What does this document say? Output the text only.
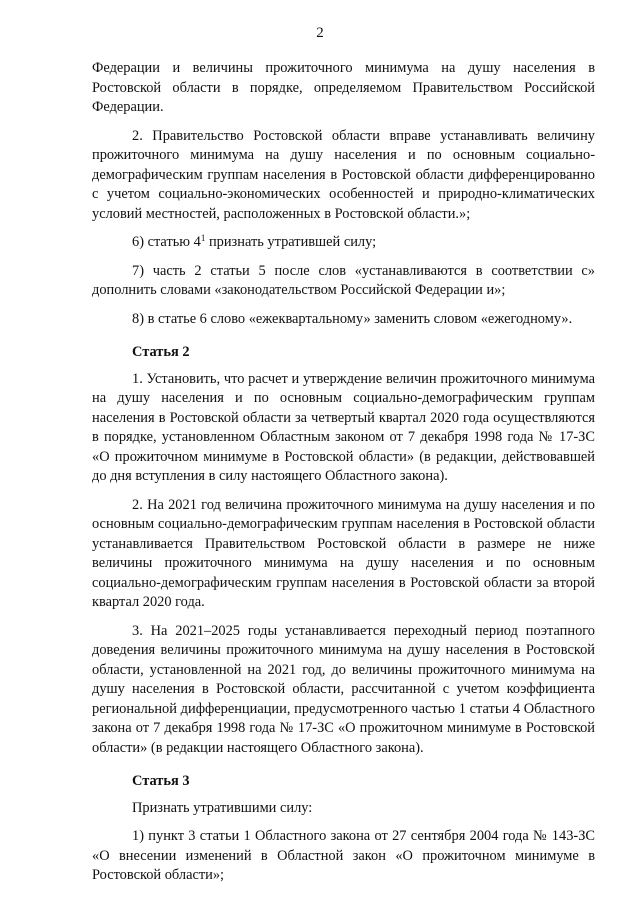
2

Федерации и величины прожиточного минимума на душу населения в Ростовской области в порядке, определяемом Правительством Российской Федерации.

2. Правительство Ростовской области вправе устанавливать величину прожиточного минимума на душу населения и по основным социально-демографическим группам населения в Ростовской области дифференцированно с учетом социально-экономических особенностей и природно-климатических условий местностей, расположенных в Ростовской области.»;

6) статью $4^1$ признать утратившей силу;

7) часть 2 статьи 5 после слов «устанавливаются в соответствии с» дополнить словами «законодательством Российской Федерации и»;

8) в статье 6 слово «ежеквартальному» заменить словом «ежегодному».

Статья 2

1. Установить, что расчет и утверждение величин прожиточного минимума на душу населения и по основным социально-демографическим группам населения в Ростовской области за четвертый квартал 2020 года осуществляются в порядке, установленном Областным законом от 7 декабря 1998 года № 17-ЗС «О прожиточном минимуме в Ростовской области» (в редакции, действовавшей до дня вступления в силу настоящего Областного закона).

2. На 2021 год величина прожиточного минимума на душу населения и по основным социально-демографическим группам населения в Ростовской области устанавливается Правительством Ростовской области в размере не ниже величины прожиточного минимума на душу населения и по основным социально-демографическим группам населения в Ростовской области за второй квартал 2020 года.

3. На 2021–2025 годы устанавливается переходный период поэтапного доведения величины прожиточного минимума на душу населения в Ростовской области, установленной на 2021 год, до величины прожиточного минимума на душу населения в Ростовской области, рассчитанной с учетом коэффициента региональной дифференциации, предусмотренного частью 1 статьи 4 Областного закона от 7 декабря 1998 года № 17-ЗС «О прожиточном минимуме в Ростовской области» (в редакции настоящего Областного закона).

Статья 3

Признать утратившими силу:

1) пункт 3 статьи 1 Областного закона от 27 сентября 2004 года № 143-ЗС «О внесении изменений в Областной закон «О прожиточном минимуме в Ростовской области»;
